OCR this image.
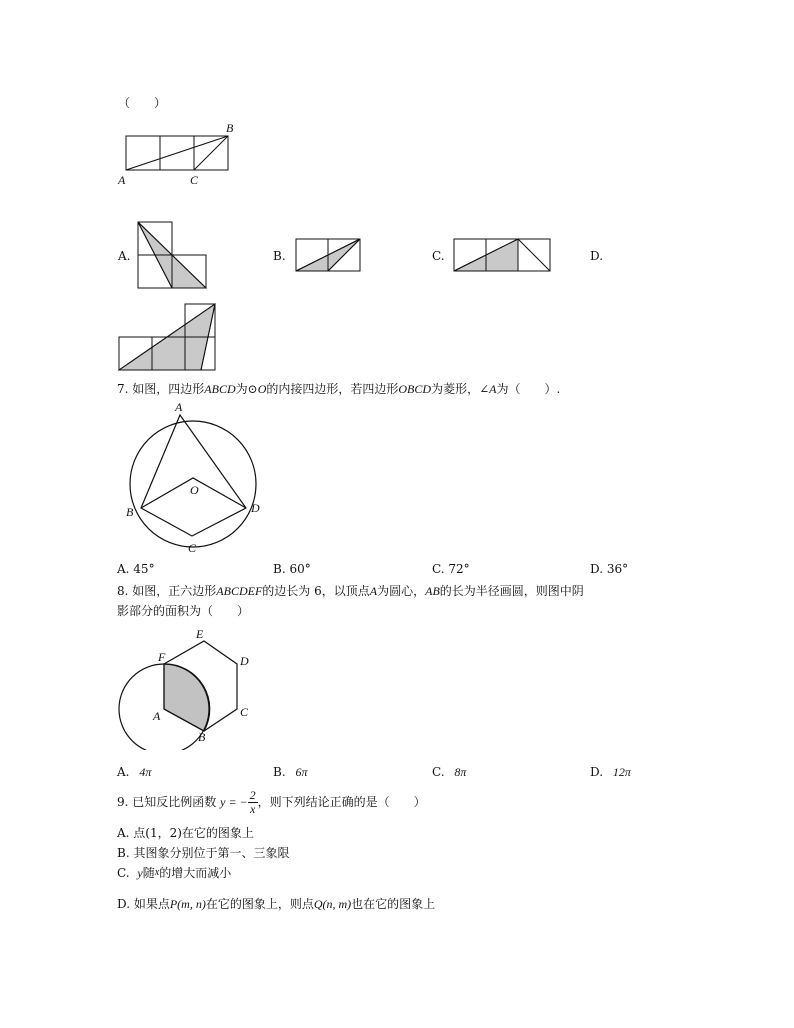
（　　）
A
B
C
A.	B.	C.	D.
7. 如图，四边形ABCD为⊙O的内接四边形，若四边形OBCD为菱形，∠A为（　　）.
A
B
C
D
O
A. 45°	B. 60°	C. 72°	D. 36°
8. 如图，正六边形ABCDEF的边长为 6，以顶点A为圆心，AB的长为半径画圆，则图中阴
影部分的面积为（　　）
F
E
D
C
B
A
A. 4π	B. 6π	C. 8π	D. 12π
9. 已知反比例函数 y = − $\frac{2}{x}$ ，则下列结论正确的是（　　）
A. 点(1，2)在它的图象上
B. 其图象分别位于第一、三象限
C. y随$^x$的增大而减小
D. 如果点P(m, n)在它的图象上，则点Q(n, m)也在它的图象上
